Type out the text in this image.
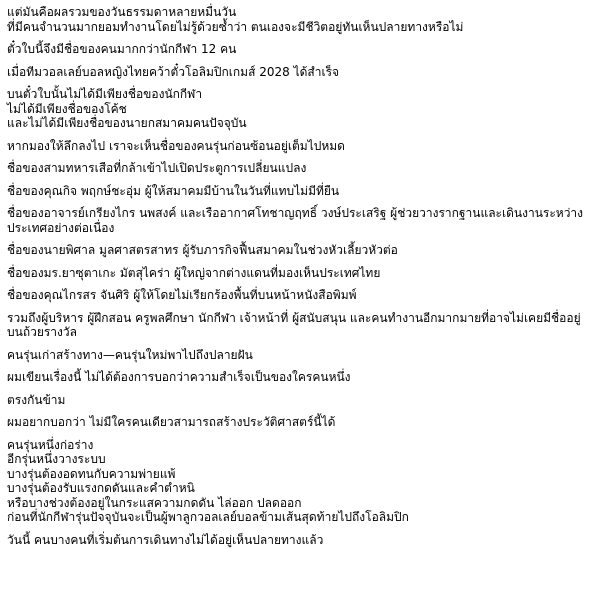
แต่มันคือผลรวมของวันธรรมดาหลายหมื่นวัน
ที่มีคนจำนวนมากยอมทำงานโดยไม่รู้ด้วยซ้ำว่า ตนเองจะมีชีวิตอยู่ทันเห็นปลายทางหรือไม่
ตั๋วใบนี้จึงมีชื่อของคนมากกว่านักกีฬา 12 คน
เมื่อทีมวอลเลย์บอลหญิงไทยคว้าตั๋วโอลิมปิกเกมส์ 2028 ได้สำเร็จ
บนตั๋วใบนั้นไม่ได้มีเพียงชื่อของนักกีฬา
ไม่ได้มีเพียงชื่อของโค้ช
และไม่ได้มีเพียงชื่อของนายกสมาคมคนปัจจุบัน
หากมองให้ลึกลงไป เราจะเห็นชื่อของคนรุ่นก่อนซ้อนอยู่เต็มไปหมด
ชื่อของสามทหารเสือที่กล้าเข้าไปเปิดประตูการเปลี่ยนแปลง
ชื่อของคุณกิจ พฤกษ์ชะอุ่ม ผู้ให้สมาคมมีบ้านในวันที่แทบไม่มีที่ยืน
ชื่อของอาจารย์เกรียงไกร นพสงค์ และเรืออากาศโทชาญฤทธิ์ วงษ์ประเสริฐ ผู้ช่วยวางรากฐานและเดินงานระหว่างประเทศอย่างต่อเนื่อง
ชื่อของนายพิศาล มูลศาสตรสาทร ผู้รับภารกิจฟื้นสมาคมในช่วงหัวเลี้ยวหัวต่อ
ชื่อของมร.ยาซุตาเกะ มัตสุไคร่า ผู้ใหญ่จากต่างแดนที่มองเห็นประเทศไทย
ชื่อของคุณไกรสร จันศิริ ผู้ให้โดยไม่เรียกร้องพื้นที่บนหน้าหนังสือพิมพ์
รวมถึงผู้บริหาร ผู้ฝึกสอน ครูพลศึกษา นักกีฬา เจ้าหน้าที่ ผู้สนับสนุน และคนทำงานอีกมากมายที่อาจไม่เคยมีชื่ออยู่บนถ้วยรางวัล
คนรุ่นเก่าสร้างทาง—คนรุ่นใหม่พาไปถึงปลายฝัน
ผมเขียนเรื่องนี้ ไม่ได้ต้องการบอกว่าความสำเร็จเป็นของใครคนหนึ่ง
ตรงกันข้าม
ผมอยากบอกว่า ไม่มีใครคนเดียวสามารถสร้างประวัติศาสตร์นี้ได้
คนรุ่นหนึ่งก่อร่าง
อีกรุ่นหนึ่งวางระบบ
บางรุ่นต้องอดทนกับความพ่ายแพ้
บางรุ่นต้องรับแรงกดดันและคำตำหนิ
หรือบางช่วงต้องอยู่ในกระแสความกดดัน ไล่ออก ปลดออก
ก่อนที่นักกีฬารุ่นปัจจุบันจะเป็นผู้พาลูกวอลเลย์บอลข้ามเส้นสุดท้ายไปถึงโอลิมปิก
วันนี้ คนบางคนที่เริ่มต้นการเดินทางไม่ได้อยู่เห็นปลายทางแล้ว
